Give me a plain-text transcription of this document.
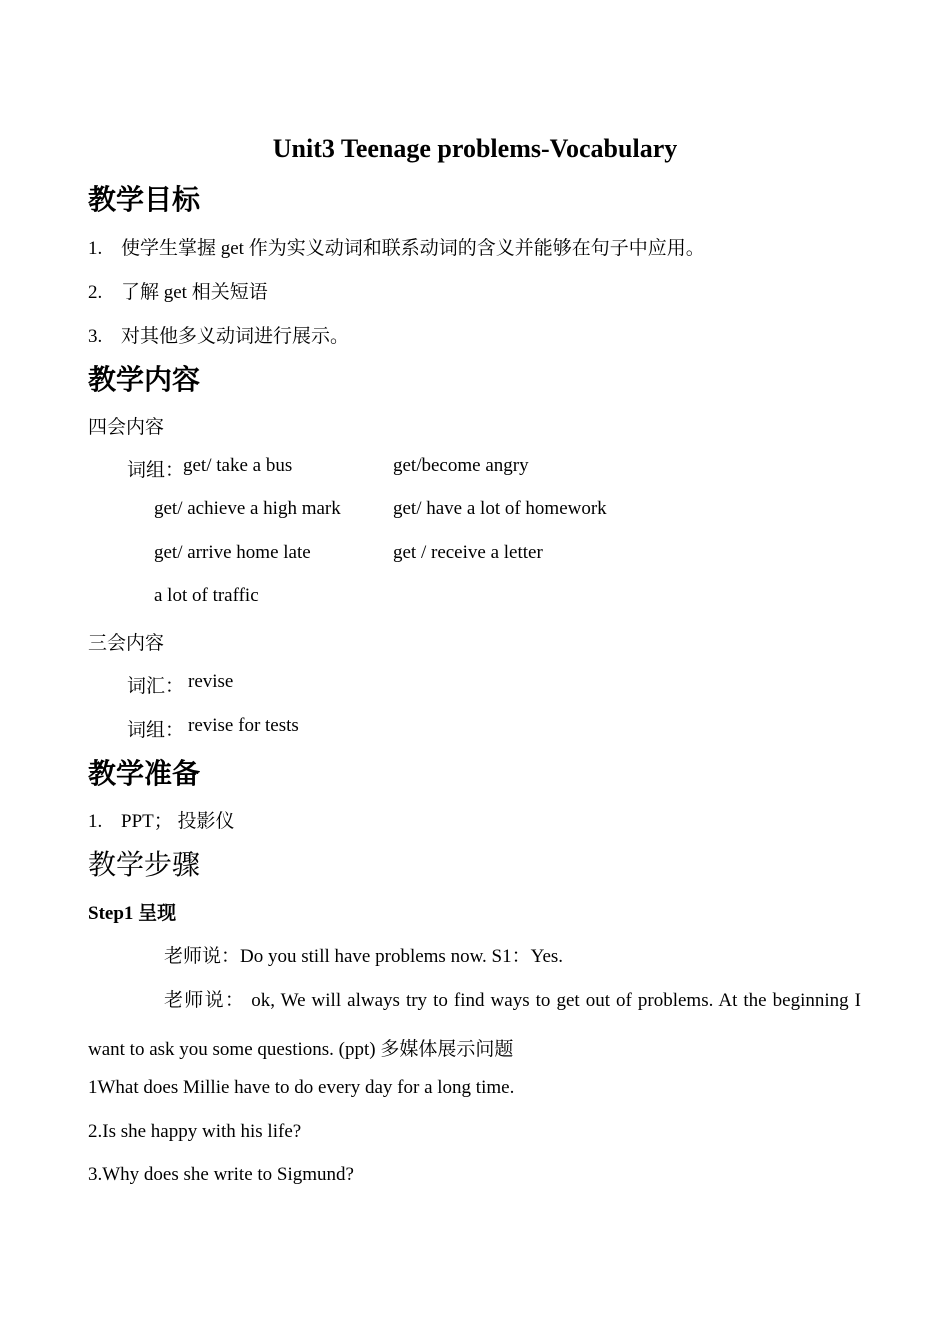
Unit3 Teenage problems-Vocabulary
教学目标
1. 使学生掌握 get 作为实义动词和联系动词的含义并能够在句子中应用。
2. 了解 get 相关短语
3. 对其他多义动词进行展示。
教学内容
四会内容
词组：
get/ take a bus	get/become angry
get/ achieve a high mark	get/ have a lot of homework
get/ arrive home late	get / receive a letter
a lot of traffic
三会内容
词汇： revise
词组： revise for tests
教学准备
1. PPT； 投影仪
教学步骤
Step1 呈现
老师说：Do you still have problems now. S1：Yes.
老师说： ok, We will always try to find ways to get out of problems. At the beginning I
want to ask you some questions. (ppt) 多媒体展示问题
1What does Millie have to do every day for a long time.
2.Is she happy with his life?
3.Why does she write to Sigmund?
